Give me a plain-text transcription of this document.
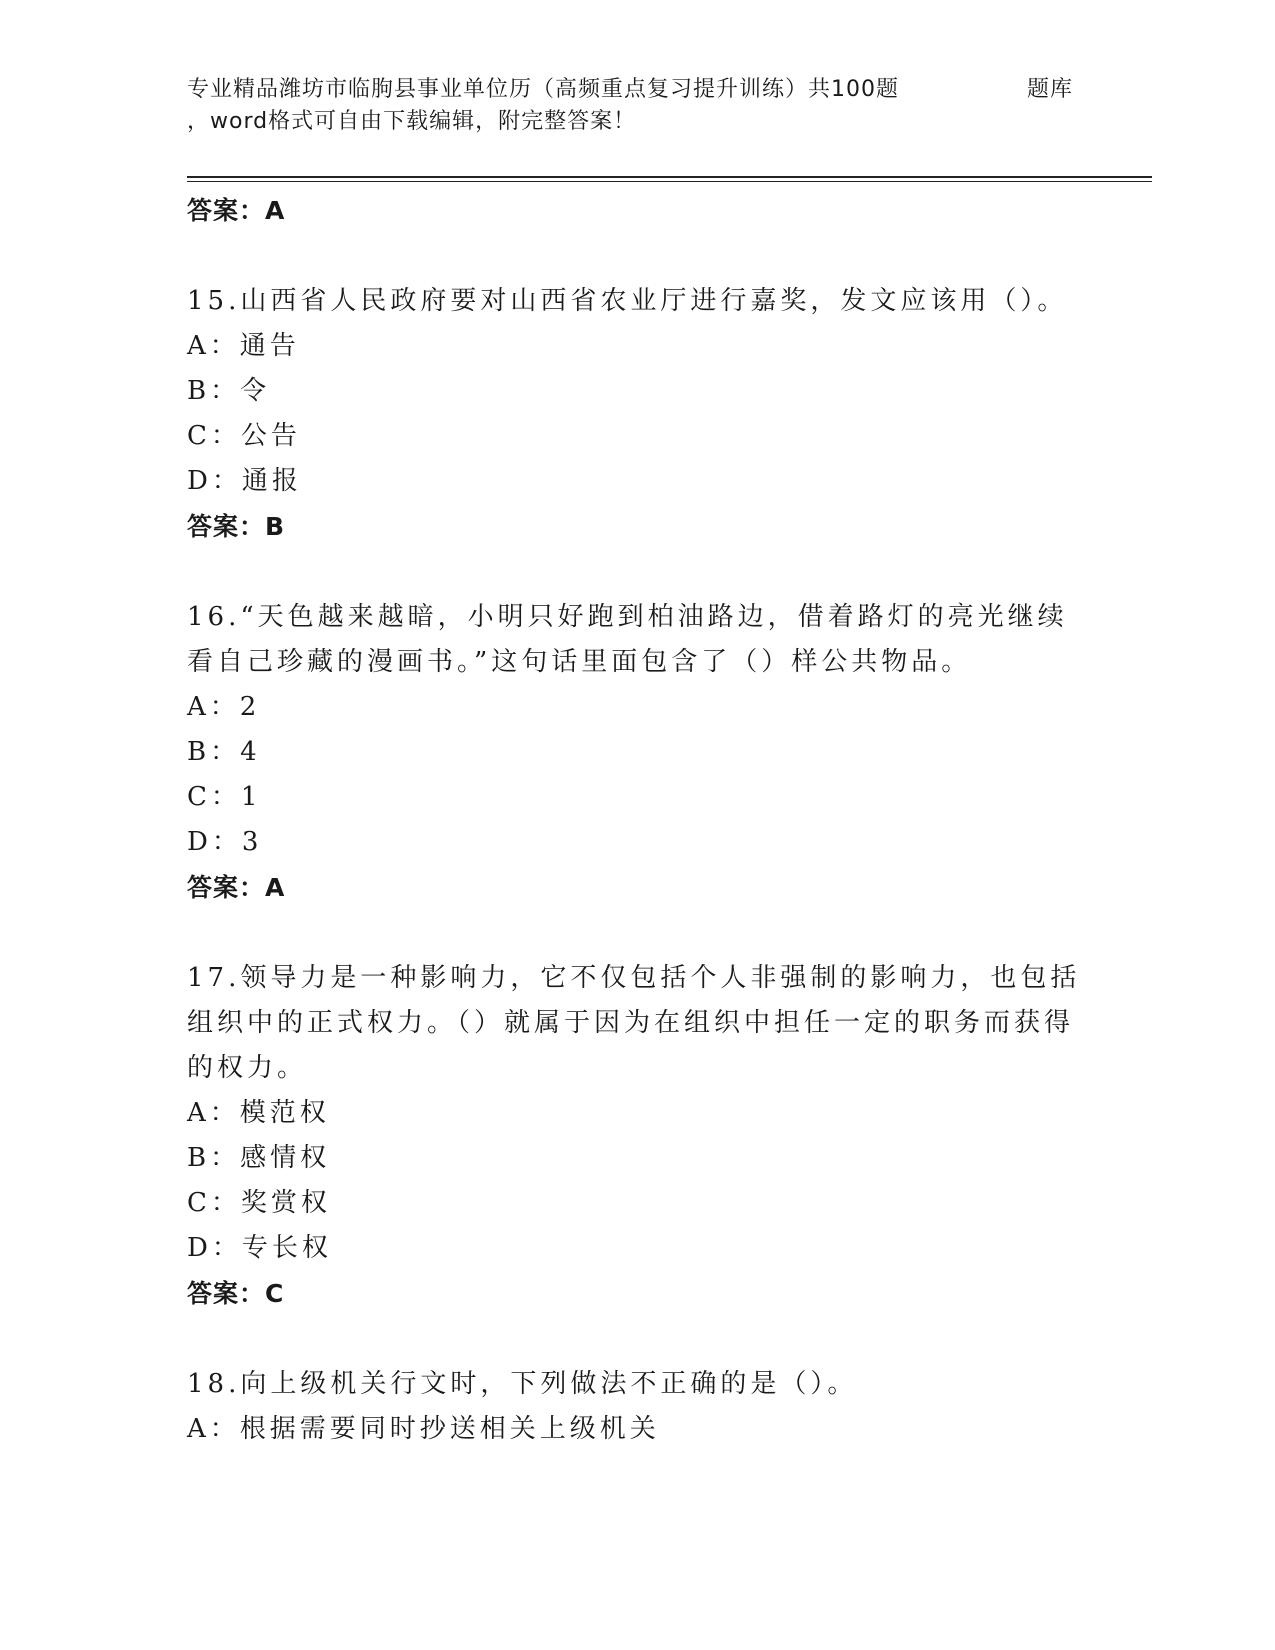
专业精品潍坊市临朐县事业单位历（高频重点复习提升训练）共100题	题库
，word格式可自由下载编辑，附完整答案！
答案：A
15.山西省人民政府要对山西省农业厅进行嘉奖，发文应该用（）。
A：通告
B：令
C：公告
D：通报
答案：B
16.“天色越来越暗，小明只好跑到柏油路边，借着路灯的亮光继续看自己珍藏的漫画书。”这句话里面包含了（）样公共物品。
A：2
B：4
C：1
D：3
答案：A
17.领导力是一种影响力，它不仅包括个人非强制的影响力，也包括组织中的正式权力。（）就属于因为在组织中担任一定的职务而获得的权力。
A：模范权
B：感情权
C：奖赏权
D：专长权
答案：C
18.向上级机关行文时，下列做法不正确的是（）。
A：根据需要同时抄送相关上级机关
